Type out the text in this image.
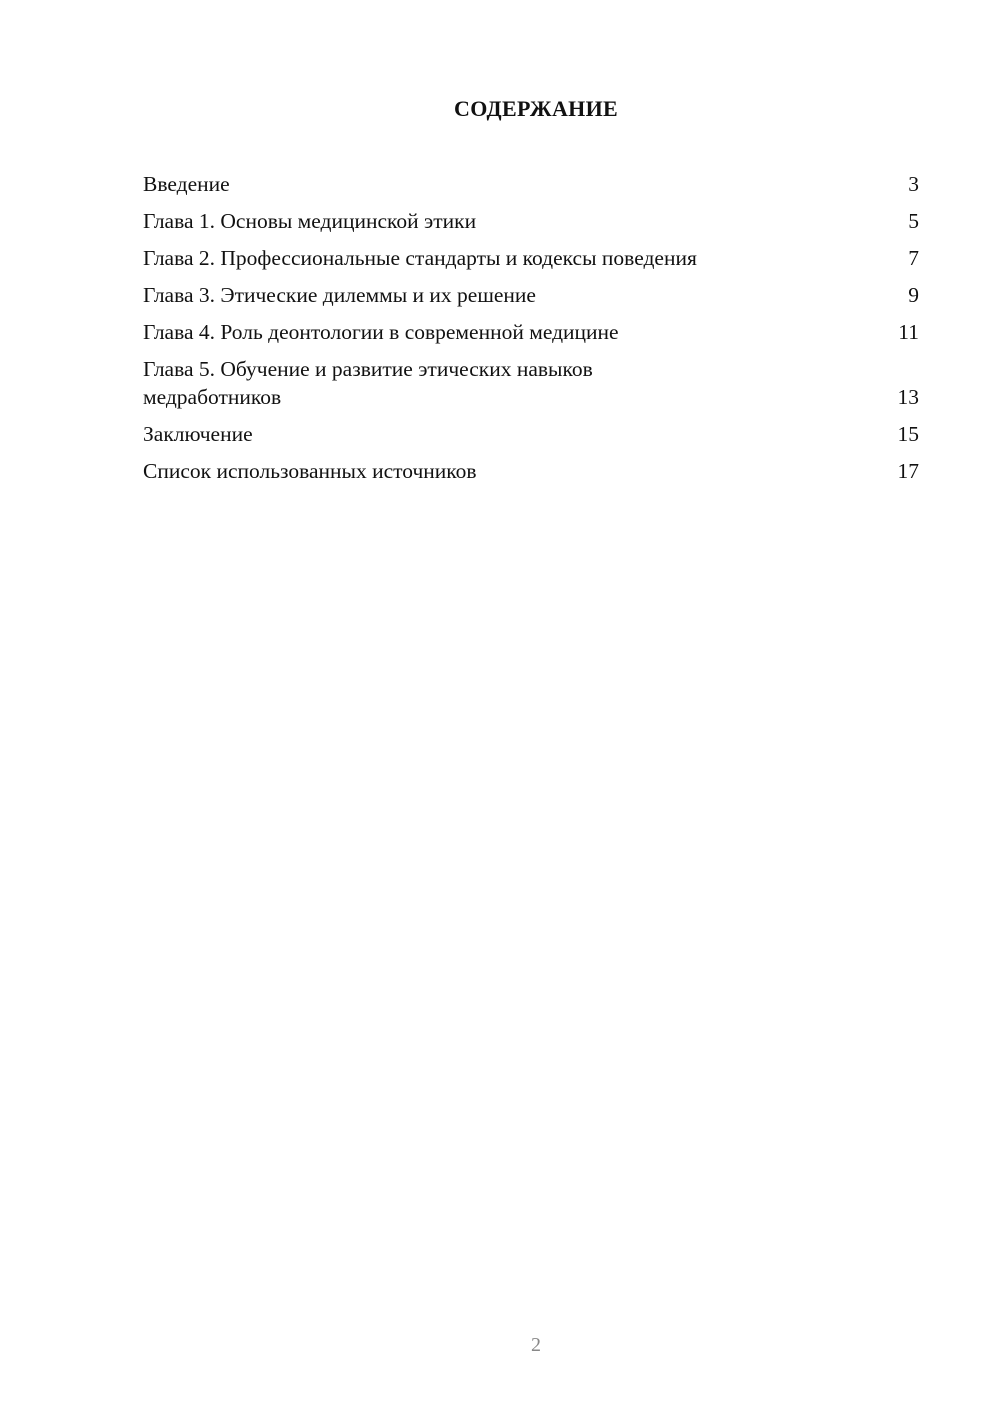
СОДЕРЖАНИЕ
Введение	3
Глава 1. Основы медицинской этики	5
Глава 2. Профессиональные стандарты и кодексы поведения	7
Глава 3. Этические дилеммы и их решение	9
Глава 4. Роль деонтологии в современной медицине	11
Глава 5. Обучение и развитие этических навыков медработников	13
Заключение	15
Список использованных источников	17
2
